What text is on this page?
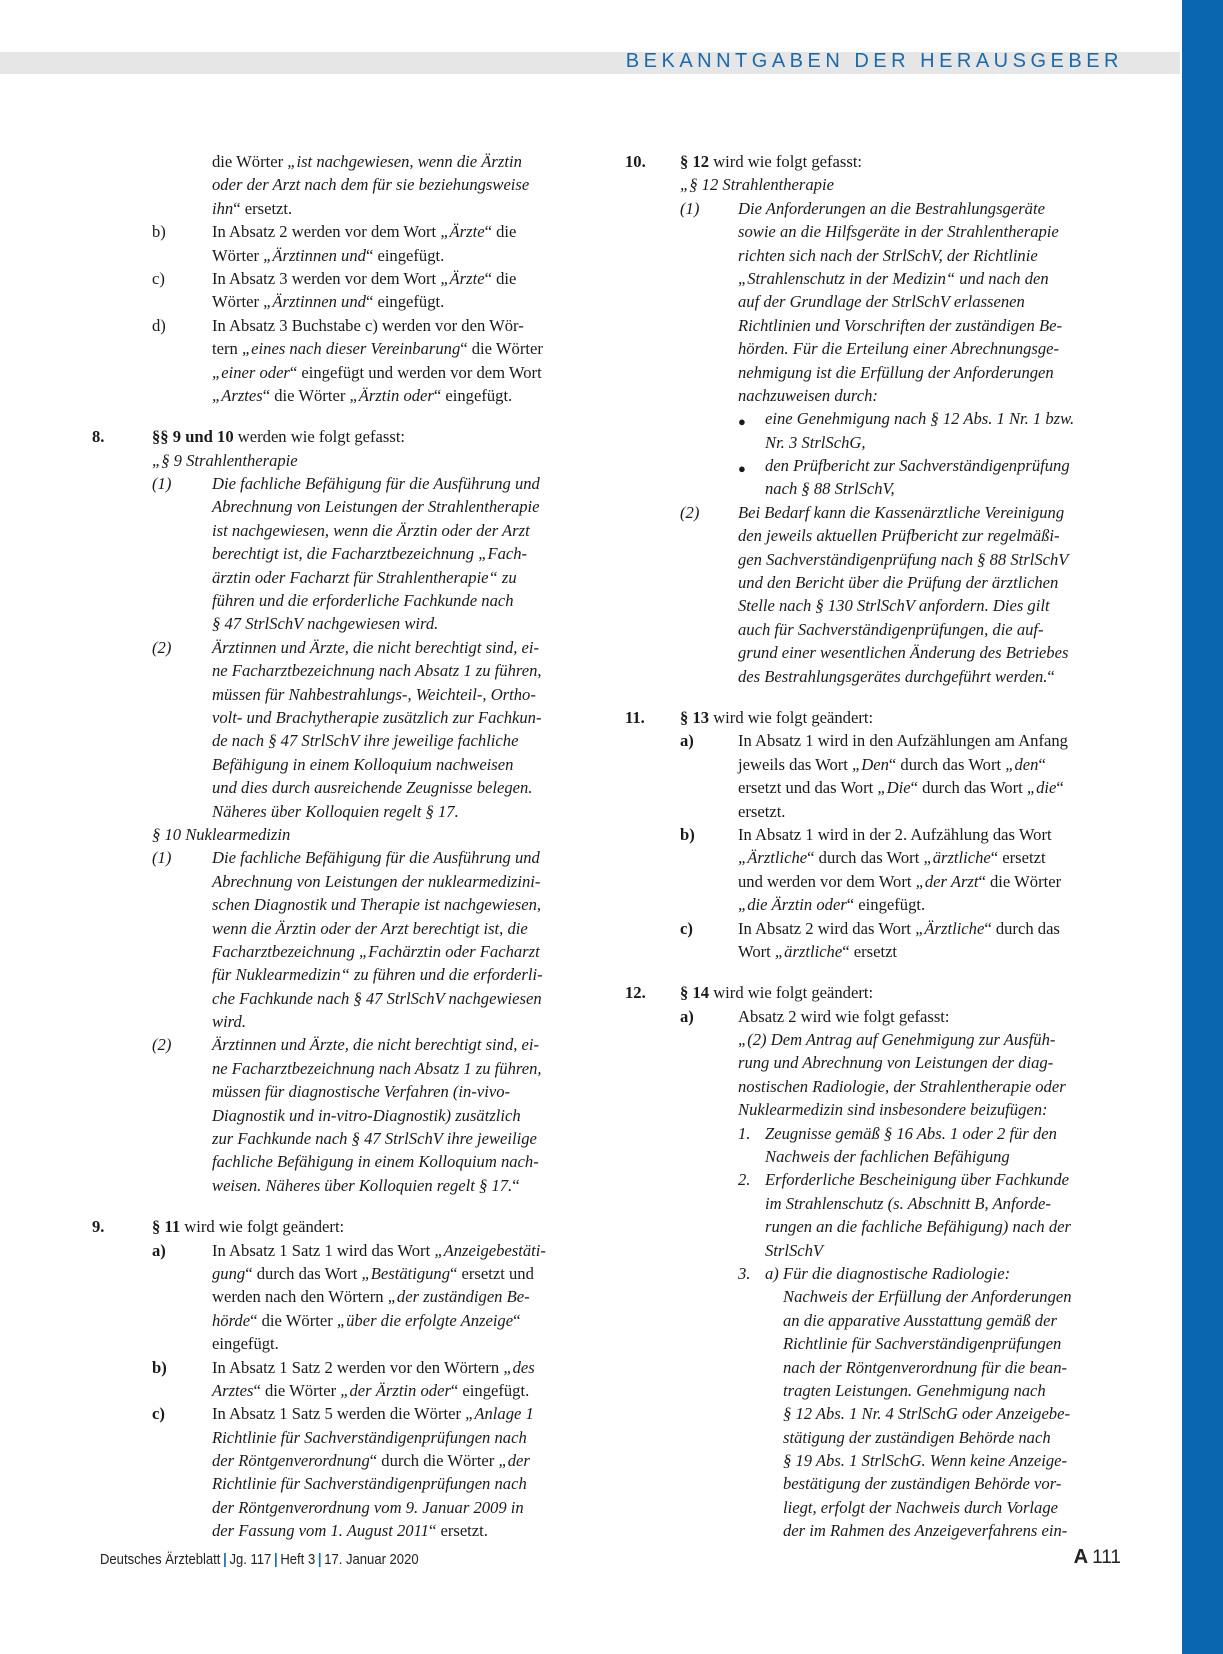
BEKANNTGABEN DER HERAUSGEBER
die Wörter „ist nachgewiesen, wenn die Ärztin
oder der Arzt nach dem für sie beziehungsweise
ihn“ ersetzt.
b)	In Absatz 2 werden vor dem Wort „Ärzte“ die
Wörter „Ärztinnen und“ eingefügt.
c)	In Absatz 3 werden vor dem Wort „Ärzte“ die
Wörter „Ärztinnen und“ eingefügt.
d)	In Absatz 3 Buchstabe c) werden vor den Wör-
tern „eines nach dieser Vereinbarung“ die Wörter
„einer oder“ eingefügt und werden vor dem Wort
„Arztes“ die Wörter „Ärztin oder“ eingefügt.
8.	§§ 9 und 10 werden wie folgt gefasst:
„§ 9 Strahlentherapie
(1) Die fachliche Befähigung für die Ausführung und
Abrechnung von Leistungen der Strahlentherapie
ist nachgewiesen, wenn die Ärztin oder der Arzt
berechtigt ist, die Facharztbezeichnung „Fach-
ärztin oder Facharzt für Strahlentherapie“ zu
führen und die erforderliche Fachkunde nach
§ 47 StrlSchV nachgewiesen wird.
(2) Ärztinnen und Ärzte, die nicht berechtigt sind, ei-
ne Facharztbezeichnung nach Absatz 1 zu führen,
müssen für Nahbestrahlungs-, Weichteil-, Ortho-
volt- und Brachytherapie zusätzlich zur Fachkun-
de nach § 47 StrlSchV ihre jeweilige fachliche
Befähigung in einem Kolloquium nachweisen
und dies durch ausreichende Zeugnisse belegen.
Näheres über Kolloquien regelt § 17.
§ 10 Nuklearmedizin
(1) Die fachliche Befähigung für die Ausführung und
Abrechnung von Leistungen der nuklearmedizini-
schen Diagnostik und Therapie ist nachgewiesen,
wenn die Ärztin oder der Arzt berechtigt ist, die
Facharztbezeichnung „Fachärztin oder Facharzt
für Nuklearmedizin“ zu führen und die erforderli-
che Fachkunde nach § 47 StrlSchV nachgewiesen
wird.
(2) Ärztinnen und Ärzte, die nicht berechtigt sind, ei-
ne Facharztbezeichnung nach Absatz 1 zu führen,
müssen für diagnostische Verfahren (in-vivo-
Diagnostik und in-vitro-Diagnostik) zusätzlich
zur Fachkunde nach § 47 StrlSchV ihre jeweilige
fachliche Befähigung in einem Kolloquium nach-
weisen. Näheres über Kolloquien regelt § 17.“
9.	§ 11 wird wie folgt geändert:
a)	In Absatz 1 Satz 1 wird das Wort „Anzeigebestäti-
gung“ durch das Wort „Bestätigung“ ersetzt und
werden nach den Wörtern „der zuständigen Be-
hörde“ die Wörter „über die erfolgte Anzeige“
eingefügt.
b)	In Absatz 1 Satz 2 werden vor den Wörtern „des
Arztes“ die Wörter „der Ärztin oder“ eingefügt.
c)	In Absatz 1 Satz 5 werden die Wörter „Anlage 1
Richtlinie für Sachverständigenprüfungen nach
der Röntgenverordnung“ durch die Wörter „der
Richtlinie für Sachverständigenprüfungen nach
der Röntgenverordnung vom 9. Januar 2009 in
der Fassung vom 1. August 2011“ ersetzt.
10. § 12 wird wie folgt gefasst:
„§ 12 Strahlentherapie
(1) Die Anforderungen an die Bestrahlungsgeräte
sowie an die Hilfsgeräte in der Strahlentherapie
richten sich nach der StrlSchV, der Richtlinie
„Strahlenschutz in der Medizin“ und nach den
auf der Grundlage der StrlSchV erlassenen
Richtlinien und Vorschriften der zuständigen Be-
hörden. Für die Erteilung einer Abrechnungsge-
nehmigung ist die Erfüllung der Anforderungen
nachzuweisen durch:
● eine Genehmigung nach § 12 Abs. 1 Nr. 1 bzw.
Nr. 3 StrlSchG,
● den Prüfbericht zur Sachverständigenprüfung
nach § 88 StrlSchV,
(2) Bei Bedarf kann die Kassenärztliche Vereinigung
den jeweils aktuellen Prüfbericht zur regelmäßi-
gen Sachverständigenprüfung nach § 88 StrlSchV
und den Bericht über die Prüfung der ärztlichen
Stelle nach § 130 StrlSchV anfordern. Dies gilt
auch für Sachverständigenprüfungen, die auf-
grund einer wesentlichen Änderung des Betriebes
des Bestrahlungsgerätes durchgeführt werden.“
11. § 13 wird wie folgt geändert:
a)	In Absatz 1 wird in den Aufzählungen am Anfang
jeweils das Wort „Den“ durch das Wort „den“
ersetzt und das Wort „Die“ durch das Wort „die“
ersetzt.
b)	In Absatz 1 wird in der 2. Aufzählung das Wort
„Ärztliche“ durch das Wort „ärztliche“ ersetzt
und werden vor dem Wort „der Arzt“ die Wörter
„die Ärztin oder“ eingefügt.
c)	In Absatz 2 wird das Wort „Ärztliche“ durch das
Wort „ärztliche“ ersetzt
12. § 14 wird wie folgt geändert:
a)	Absatz 2 wird wie folgt gefasst:
„(2) Dem Antrag auf Genehmigung zur Ausfüh-
rung und Abrechnung von Leistungen der diag-
nostischen Radiologie, der Strahlentherapie oder
Nuklearmedizin sind insbesondere beizufügen:
1. Zeugnisse gemäß § 16 Abs. 1 oder 2 für den
Nachweis der fachlichen Befähigung
2. Erforderliche Bescheinigung über Fachkunde
im Strahlenschutz (s. Abschnitt B, Anforde-
rungen an die fachliche Befähigung) nach der
StrlSchV
3. a) Für die diagnostische Radiologie:
Nachweis der Erfüllung der Anforderungen
an die apparative Ausstattung gemäß der
Richtlinie für Sachverständigenprüfungen
nach der Röntgenverordnung für die bean-
tragten Leistungen. Genehmigung nach
§ 12 Abs. 1 Nr. 4 StrlSchG oder Anzeigebe-
stätigung der zuständigen Behörde nach
§ 19 Abs. 1 StrlSchG. Wenn keine Anzeige-
bestätigung der zuständigen Behörde vor-
liegt, erfolgt der Nachweis durch Vorlage
der im Rahmen des Anzeigeverfahrens ein-
Deutsches Ärzteblatt | Jg. 117 | Heft 3 | 17. Januar 2020	A 111
